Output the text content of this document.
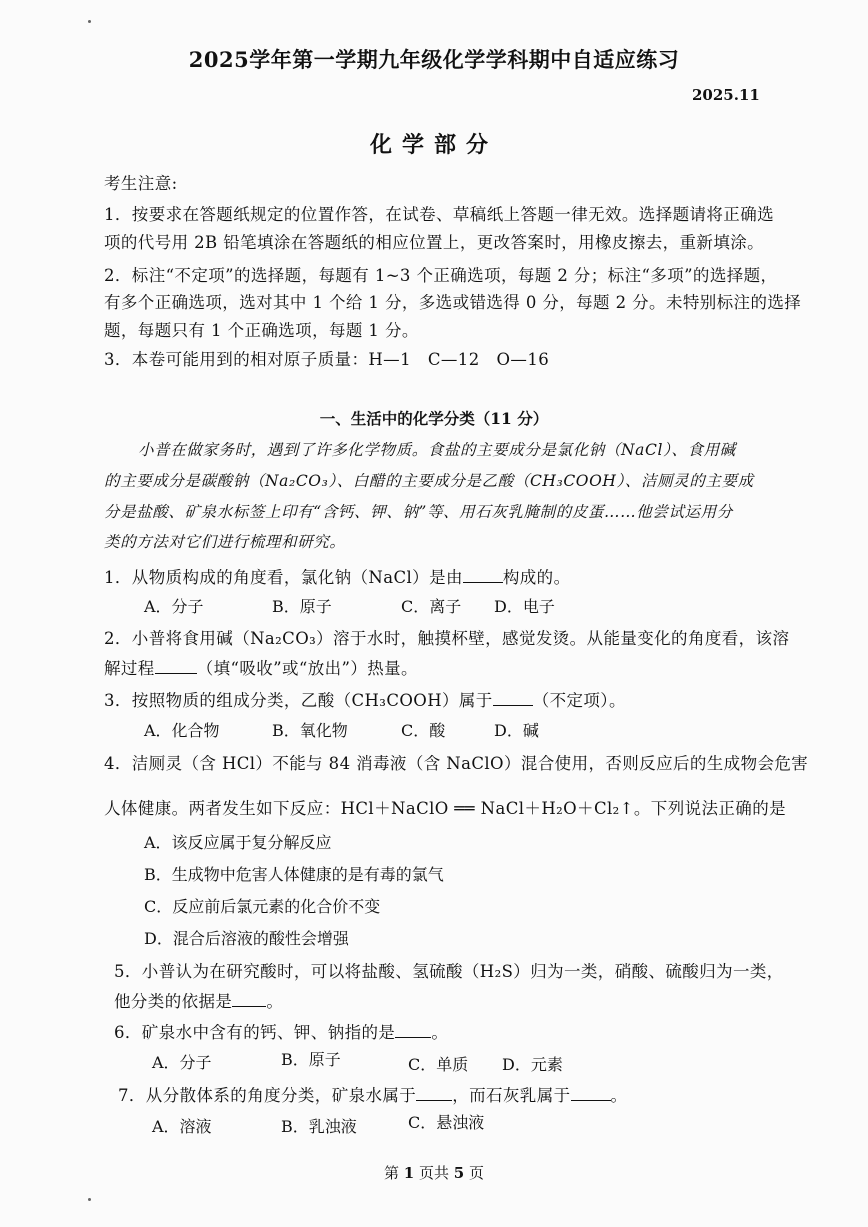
2025学年第一学期九年级化学学科期中自适应练习
2025.11
化学部分
考生注意:
1．按要求在答题纸规定的位置作答，在试卷、草稿纸上答题一律无效。选择题请将正确选
项的代号用 2B 铅笔填涂在答题纸的相应位置上，更改答案时，用橡皮擦去，重新填涂。
2．标注“不定项”的选择题，每题有 1~3 个正确选项，每题 2 分；标注“多项”的选择题，
有多个正确选项，选对其中 1 个给 1 分，多选或错选得 0 分，每题 2 分。未特别标注的选择
题，每题只有 1 个正确选项，每题 1 分。
3．本卷可能用到的相对原子质量：H—1　C—12　O—16
一、生活中的化学分类（11 分）
小普在做家务时，遇到了许多化学物质。食盐的主要成分是氯化钠（NaCl）、食用碱
的主要成分是碳酸钠（Na₂CO₃）、白醋的主要成分是乙酸（CH₃COOH）、洁厕灵的主要成
分是盐酸、矿泉水标签上印有“含钙、钾、钠”等、用石灰乳腌制的皮蛋……他尝试运用分
类的方法对它们进行梳理和研究。
1．从物质构成的角度看，氯化钠（NaCl）是由 构成的。
A．分子	B．原子	C．离子 D．电子
2．小普将食用碱（Na₂CO₃）溶于水时，触摸杯壁，感觉发烫。从能量变化的角度看，该溶
解过程	（填“吸收”或“放出”）热量。
3．按照物质的组成分类，乙酸（CH₃COOH）属于 （不定项）。
A．化合物	B．氧化物	C．酸	D．碱
4．洁厕灵（含 HCl）不能与 84 消毒液（含 NaClO）混合使用，否则反应后的生成物会危害
人体健康。两者发生如下反应：HCl＋NaClO ══ NaCl＋H₂O＋Cl₂↑。下列说法正确的是
A．该反应属于复分解反应
B．生成物中危害人体健康的是有毒的氯气
C．反应前后氯元素的化合价不变
D．混合后溶液的酸性会增强
5．小普认为在研究酸时，可以将盐酸、氢硫酸（H₂S）归为一类，硝酸、硫酸归为一类，
他分类的依据是 。
6．矿泉水中含有的钙、钾、钠指的是 。
A．分子	B．原子	C．单质 D．元素
7．从分散体系的角度分类，矿泉水属于 ，而石灰乳属于 。
A．溶液	B．乳浊液	C．悬浊液
第 1 页共 5 页
